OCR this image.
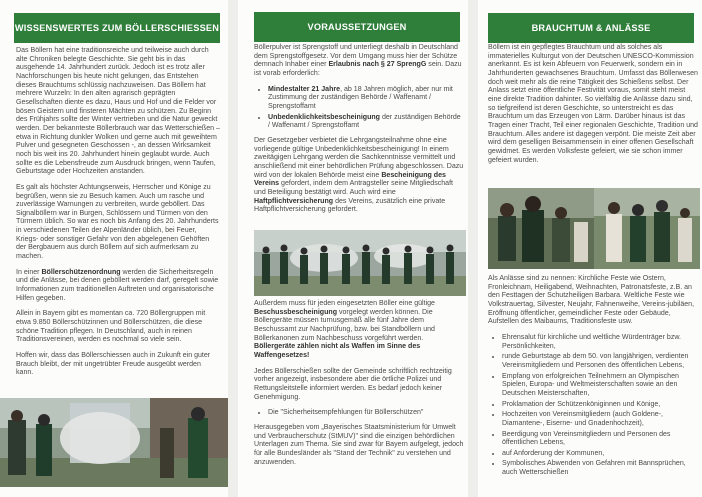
WISSENSWERTES ZUM BÖLLERSCHIESSEN

Das Böllern hat eine traditionsreiche und teilweise auch durch alte Chroniken belegte Geschichte. Sie geht bis in das ausgehende 14. Jahrhundert zurück. Jedoch ist es trotz aller Nachforschungen bis heute nicht gelungen, das Entstehen dieses Brauchtums schlüssig nachzuweisen. Das Böllern hat mehrere Wurzeln: In den alten agrarisch geprägten Gesellschaften diente es dazu, Haus und Hof und die Felder vor bösen Geistern und finsteren Mächten zu schützen. Zu Beginn des Frühjahrs sollte der Winter vertrieben und die Natur geweckt werden. Der bekannteste Böllerbrauch war das Wetterschießen – etwa in Richtung dunkler Wolken und gerne auch mit geweihtem Pulver und gesegneten Geschossen -, an dessen Wirksamkeit noch bis weit ins 20. Jahrhundert hinein geglaubt wurde. Auch sollte es die Lebensfreude zum Ausdruck bringen, wenn Taufen, Geburtstage oder Hochzeiten anstanden.

Es galt als höchster Achtungserweis, Herrscher und Könige zu begrüßen, wenn sie zu Besuch kamen. Auch um rasche und zuverlässige Warnungen zu verbreiten, wurde geböllert. Das Signalböllern war in Burgen, Schlössern und Türmen von den Türmern üblich. So war es noch bis Anfang des 20. Jahrhunderts in verschiedenen Teilen der Alpenländer üblich, bei Feuer, Kriegs- oder sonstiger Gefahr von den abgelegenen Gehöften der Bergbauern aus durch Böllern auf sich aufmerksam zu machen.

In einer Böllerschützenordnung werden die Sicherheitsregeln und die Anlässe, bei denen geböllert werden darf, geregelt sowie Informationen zum traditionellen Auftreten und organisatorische Hilfen gegeben.

Allein in Bayern gibt es momentan ca. 720 Böllergruppen mit etwa 9.850 Böllerschützinnen und Böllerschützen, die diese schöne Tradition pflegen. In Deutschland, auch in reinen Traditionsvereinen, werden es nochmal so viele sein.

Hoffen wir, dass das Böllerschiessen auch in Zukunft ein guter Brauch bleibt, der mit ungetrübter Freude ausgeübt werden kann.

VORAUSSETZUNGEN

Böllerpulver ist Sprengstoff und unterliegt deshalb in Deutschland dem Sprengstoffgesetz. Vor dem Umgang muss hier der Schütze demnach Inhaber einer Erlaubnis nach § 27 SprengG sein. Dazu ist vorab erforderlich:

• Mindestalter 21 Jahre, ab 18 Jahren möglich, aber nur mit Zustimmung der zuständigen Behörde / Waffenamt / Sprengstoffamt
• Unbedenklichkeitsbescheinigung der zuständigen Behörde / Waffenamt / Sprengstoffamt

Der Gesetzgeber verbietet die Lehrgangsteilnahme ohne eine vorliegende gültige Unbedenklichkeitsbescheinigung! In einem zweitägigen Lehrgang werden die Sachkenntnisse vermittelt und anschließend mit einer behördlichen Prüfung abgeschlossen. Dazu wird von der lokalen Behörde meist eine Bescheinigung des Vereins gefordert, indem dem Antragsteller seine Mitgliedschaft und Beteiligung bestätigt wird. Auch wird eine Haftpflichtversicherung des Vereins, zusätzlich eine private Haftpflichtversicherung gefordert.

Außerdem muss für jeden eingesetzten Böller eine gültige Beschussbescheinigung vorgelegt werden können. Die Böllergeräte müssen turnusgemäß alle fünf Jahre dem Beschussamt zur Nachprüfung, bzw. bei Standböllern und Böllerkanonen zum Nachbeschuss vorgeführt werden. Böllergeräte zählen nicht als Waffen im Sinne des Waffengesetzes!

Jedes Böllerschießen sollte der Gemeinde schriftlich rechtzeitig vorher angezeigt, insbesondere aber die örtliche Polizei und Rettungsleitstelle informiert werden. Es bedarf jedoch keiner Genehmigung.

• Die "Sicherheitsempfehlungen für Böllerschützen"

Herausgegeben vom „Bayerisches Staatsministerium für Umwelt und Verbraucherschutz (StMUV)" sind die einzigen behördlichen Unterlagen zum Thema. Sie sind zwar für Bayern aufgelegt, jedoch für alle Bundesländer als "Stand der Technik" zu verstehen und anzuwenden.

BRAUCHTUM & ANLÄSSE

Böllern ist ein gepflegtes Brauchtum und als solches als immaterielles Kulturgut von der Deutschen UNESCO-Kommission anerkannt. Es ist kein Abfeuern von Feuerwerk, sondern ein in Jahrhunderten gewachsenes Brauchtum. Umfasst das Böllerwesen doch weit mehr als die reine Tätigkeit des Schießens selbst. Der Anlass setzt eine öffentliche Festivität voraus, somit steht meist eine direkte Tradition dahinter. So vielfältig die Anlässe dazu sind, so tiefgreifend ist deren Geschichte, so unterstreicht es das Brauchtum um das Erzeugen von Lärm. Darüber hinaus ist das Tragen einer Tracht, Teil einer regionalen Geschichte, Tradition und Brauchtum. Alles andere ist dagegen verpönt. Die meiste Zeit aber wird dem geselligen Beisammensein in einer offenen Gesellschaft gewidmet. Es werden Volksfeste gefeiert, wie sie schon immer gefeiert wurden.

Als Anlässe sind zu nennen: Kirchliche Feste wie Ostern, Fronleichnam, Heiligabend, Weihnachten, Patronatsfeste, z.B. an den Festtagen der Schutzheiligen Barbara. Weltliche Feste wie Volkstrauertag, Silvester, Neujahr, Fahnenweihe, Vereins-jubiläen, Eröffnung öffentlicher, gemeindlicher Feste oder Gebäude, Aufstellen des Maibaums, Traditionsfeste usw.

• Ehrensalut für kirchliche und weltliche Würdenträger bzw. Persönlichkeiten,
• runde Geburtstage ab dem 50. von langjährigen, verdienten Vereinsmitgliedern und Personen des öffentlichen Lebens,
• Empfang von erfolgreichen Teilnehmern an Olympischen Spielen, Europa- und Weltmeisterschaften sowie an den Deutschen Meisterschaften,
• Proklamation der Schützenköniginnen und Könige,
• Hochzeiten von Vereinsmitgliedern (auch Goldene-, Diamantene-, Eiserne- und Gnadenhochzeit),
• Beerdigung von Vereinsmitgliedern und Personen des öffentlichen Lebens,
• auf Anforderung der Kommunen,
• Symbolisches Abwenden von Gefahren mit Bannsprüchen, auch Wetterschießen
